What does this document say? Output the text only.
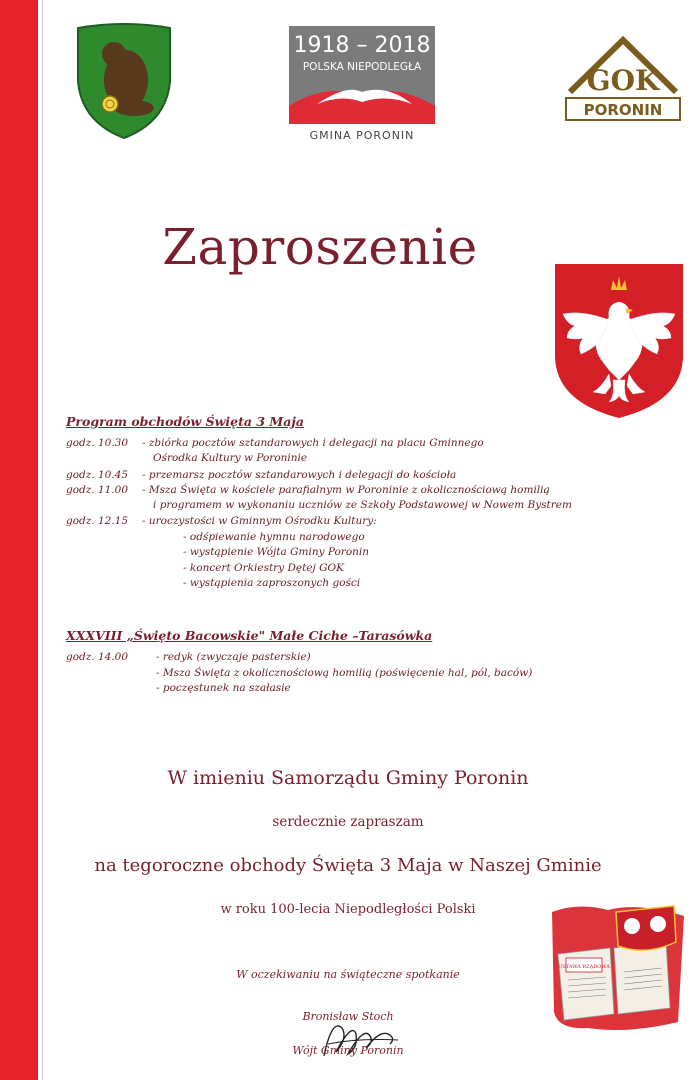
1918 – 2018
POLSKA NIEPODLEGŁA
GMINA PORONIN
GOK
PORONIN
Zaproszenie
Program obchodów Święta 3 Maja
godz. 10.30 - zbiórka pocztów sztandarowych i delegacji na placu Gminnego
Ośrodka Kultury w Poroninie
godz. 10.45 - przemarsz pocztów sztandarowych i delegacji do kościoła
godz. 11.00 - Msza Święta w kościele parafialnym w Poroninie z okolicznościową homilią
i programem w wykonaniu uczniów ze Szkoły Podstawowej w Nowem Bystrem
godz. 12.15 - uroczystości w Gminnym Ośrodku Kultury:
- odśpiewanie hymnu narodowego
- wystąpienie Wójta Gminy Poronin
- koncert Orkiestry Dętej GOK
- wystąpienia zaproszonych gości
XXXVIII „Święto Bacowskie" Małe Ciche –Tarasówka
godz. 14.00	- redyk (zwyczaje pasterskie)
- Msza Święta z okolicznościową homilią (poświęcenie hal, pól, baców)
- poczęstunek na szałasie
W imieniu Samorządu Gminy Poronin
serdecznie zapraszam
na tegoroczne obchody Święta 3 Maja w Naszej Gminie
w roku 100-lecia Niepodległości Polski
W oczekiwaniu na świąteczne spotkanie
Bronisław Stoch
Wójt Gminy Poronin
USTAWA RZĄDOWA
